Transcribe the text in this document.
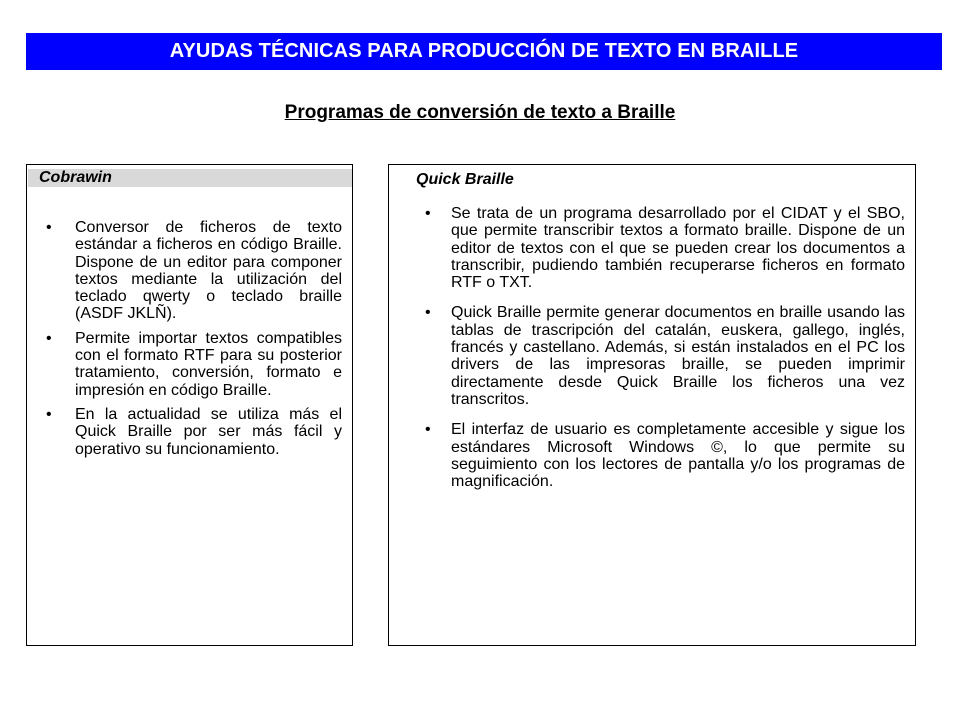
AYUDAS TÉCNICAS PARA PRODUCCIÓN DE TEXTO EN BRAILLE
Programas de conversión de texto a Braille
Cobrawin
• Conversor de ficheros de texto estándar a ficheros en código Braille. Dispone de un editor para componer textos mediante la utilización del teclado qwerty o teclado braille (ASDF JKLÑ).
• Permite importar textos compatibles con el formato RTF para su posterior tratamiento, conversión, formato e impresión en código Braille.
• En la actualidad se utiliza más el Quick Braille por ser más fácil y operativo su funcionamiento.
Quick Braille
• Se trata de un programa desarrollado por el CIDAT y el SBO, que permite transcribir textos a formato braille. Dispone de un editor de textos con el que se pueden crear los documentos a transcribir, pudiendo también recuperarse ficheros en formato RTF o TXT.
• Quick Braille permite generar documentos en braille usando las tablas de trascripción del catalán, euskera, gallego, inglés, francés y castellano. Además, si están instalados en el PC los drivers de las impresoras braille, se pueden imprimir directamente desde Quick Braille los ficheros una vez transcritos.
• El interfaz de usuario es completamente accesible y sigue los estándares Microsoft Windows ©, lo que permite su seguimiento con los lectores de pantalla y/o los programas de magnificación.
